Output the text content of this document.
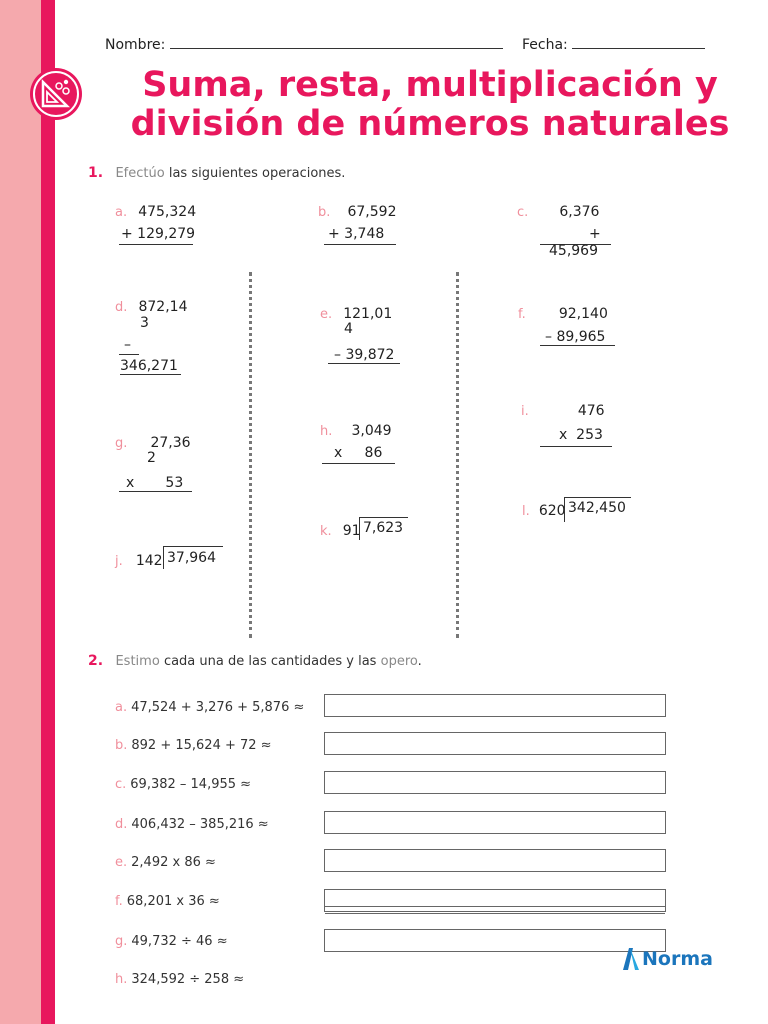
Nombre:	Fecha:
Suma, resta, multiplicación y
división de números naturales
1. Efectúo las siguientes operaciones.
a. 475,324
+ 129,279
b. 67,592
+ 3,748
c. 6,376
+
45,969
d. 872,14
3
–
346,271
e. 121,01
4
– 39,872
f. 92,140
– 89,965
g. 27,36
2
x       53
h. 3,049
x     86
i.	476
x  253
j. 142 37,964
k. 91 7,623
l. 620 342,450
2. Estimo cada una de las cantidades y las opero.
a. 47,524 + 3,276 + 5,876 ≈
b. 892 + 15,624 + 72 ≈
c. 69,382 – 14,955 ≈
d. 406,432 – 385,216 ≈
e. 2,492 x 86 ≈
f. 68,201 x 36 ≈
g. 49,732 ÷ 46 ≈
h. 324,592 ÷ 258 ≈
Norma
